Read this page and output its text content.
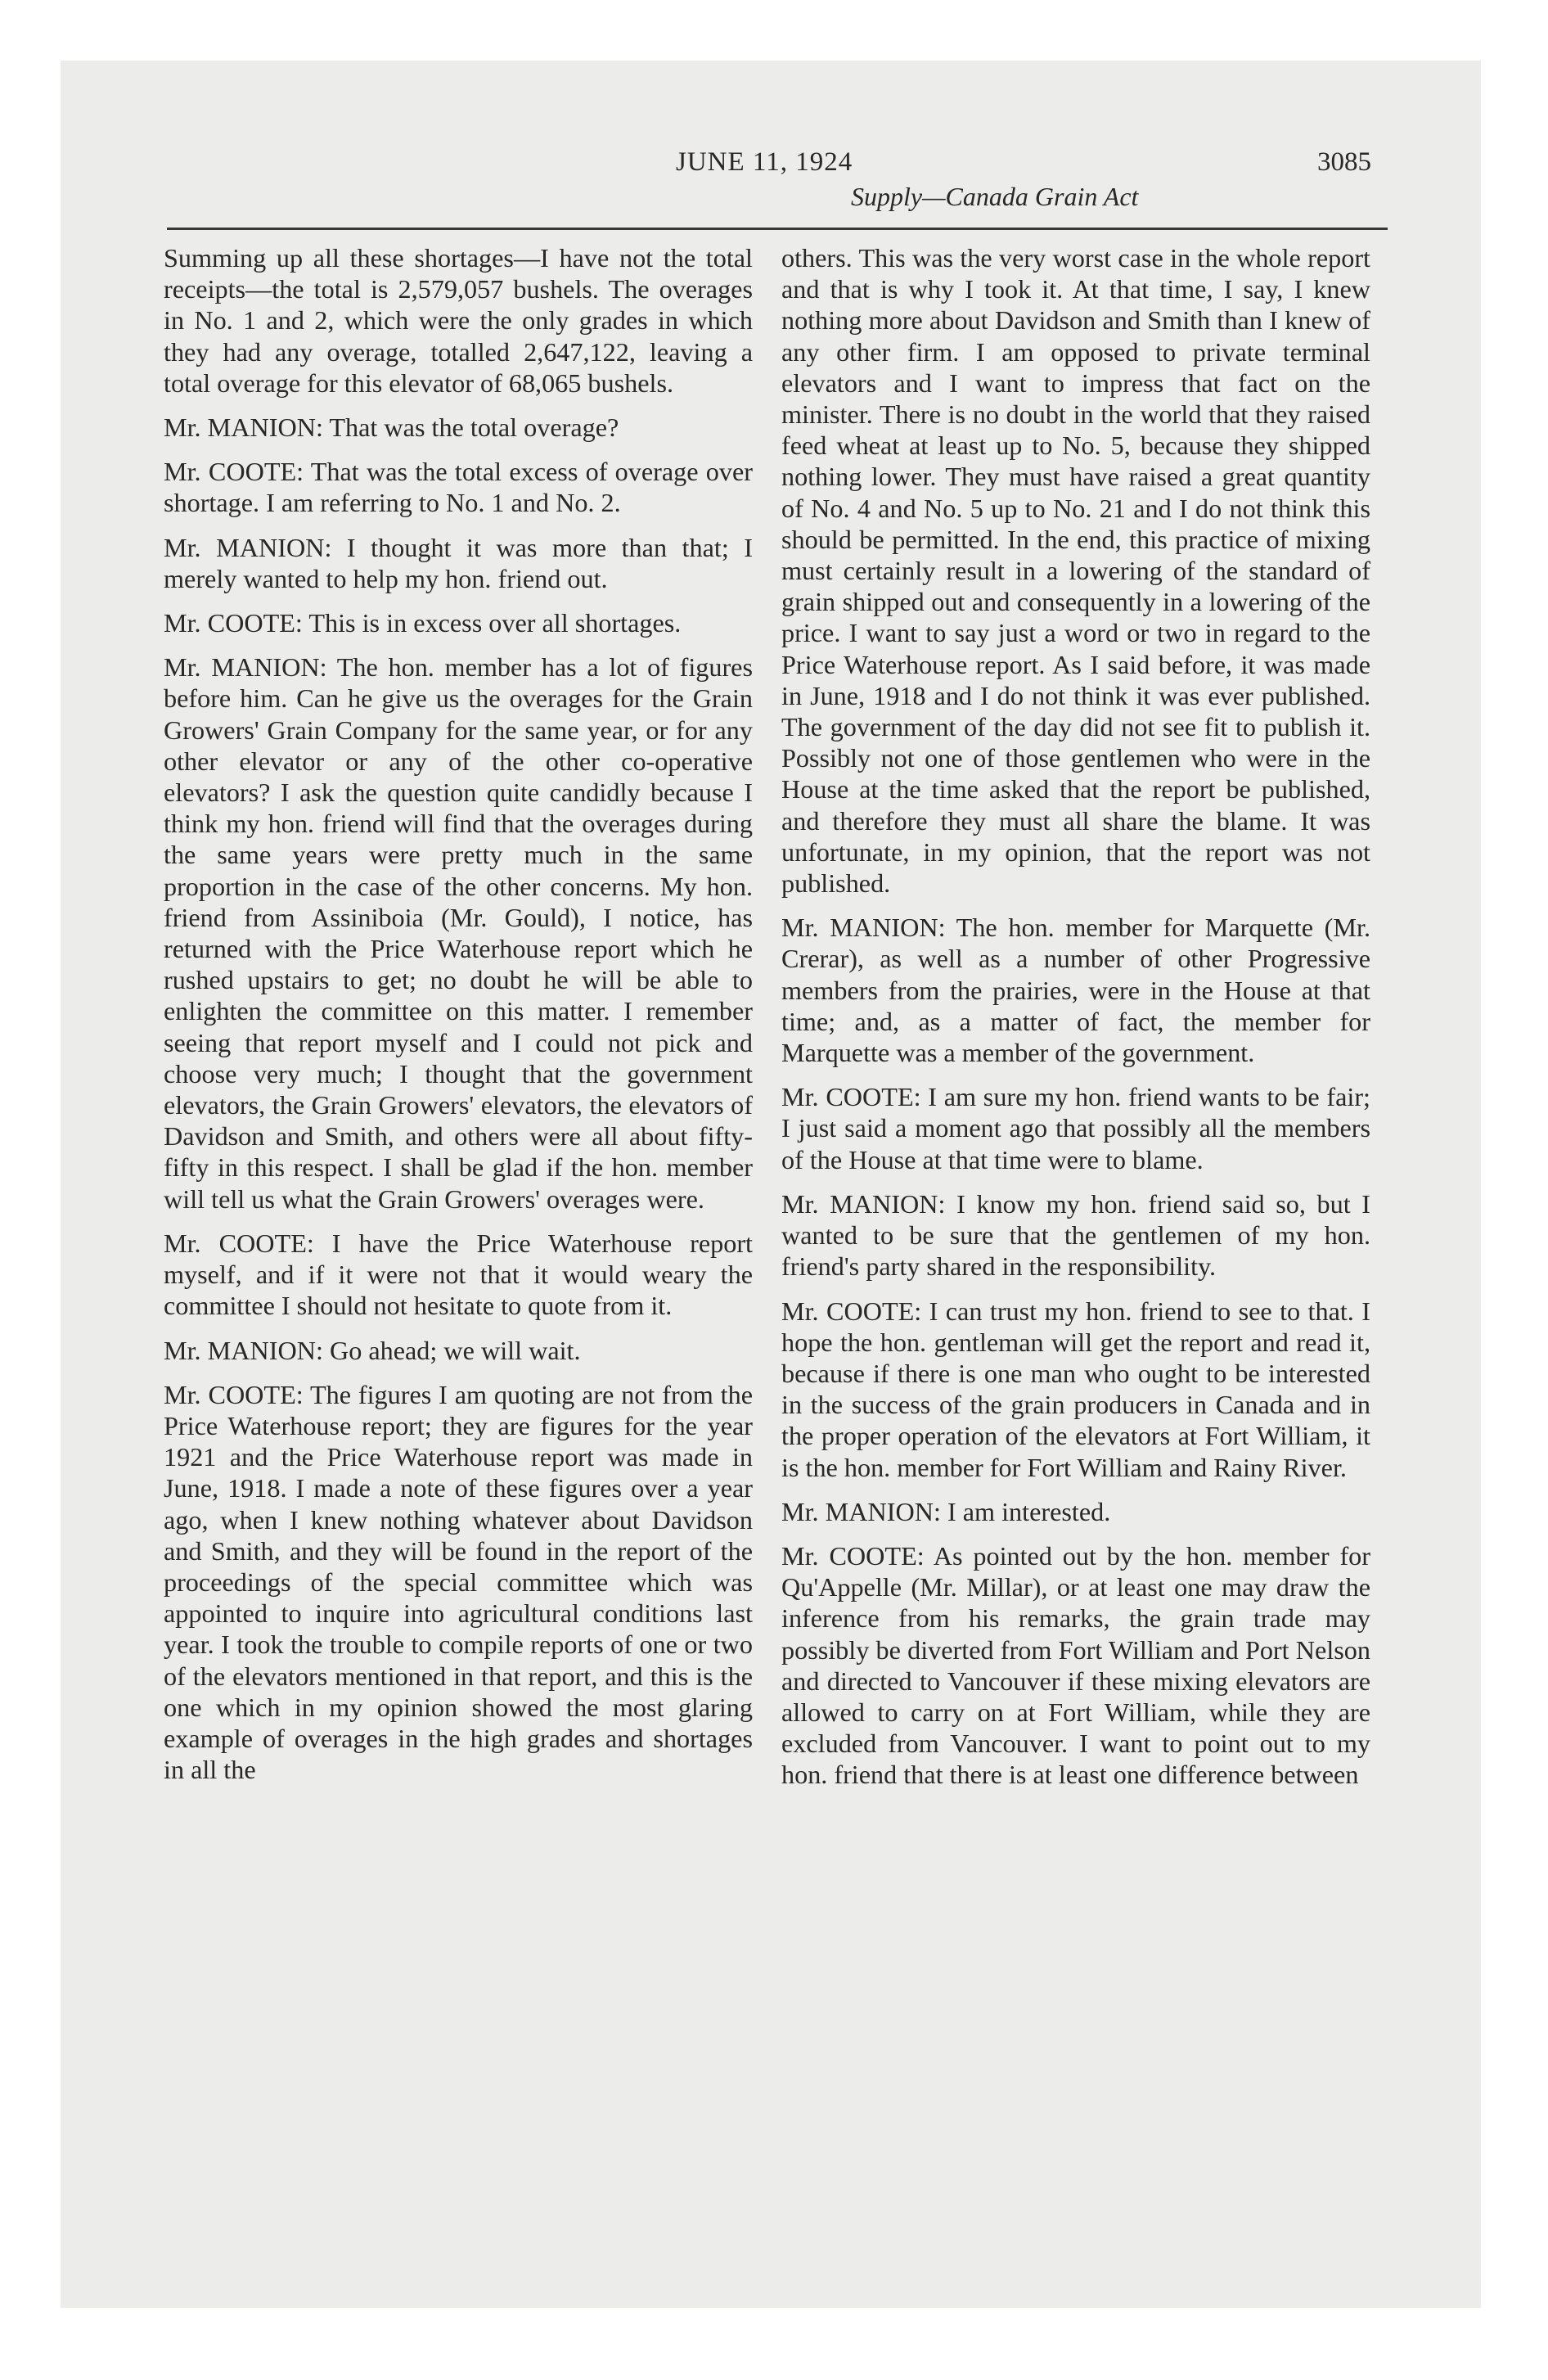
JUNE 11, 1924	3085
Supply—Canada Grain Act

Summing up all these shortages—I have not the total receipts—the total is 2,579,057 bushels. The overages in No. 1 and 2, which were the only grades in which they had any overage, totalled 2,647,122, leaving a total overage for this elevator of 68,065 bushels.

Mr. MANION: That was the total overage?

Mr. COOTE: That was the total excess of overage over shortage. I am referring to No. 1 and No. 2.

Mr. MANION: I thought it was more than that; I merely wanted to help my hon. friend out.

Mr. COOTE: This is in excess over all shortages.

Mr. MANION: The hon. member has a lot of figures before him. Can he give us the overages for the Grain Growers' Grain Company for the same year, or for any other elevator or any of the other co-operative elevators? I ask the question quite candidly because I think my hon. friend will find that the overages during the same years were pretty much in the same proportion in the case of the other concerns. My hon. friend from Assiniboia (Mr. Gould), I notice, has returned with the Price Waterhouse report which he rushed upstairs to get; no doubt he will be able to enlighten the committee on this matter. I remember seeing that report myself and I could not pick and choose very much; I thought that the government elevators, the Grain Growers' elevators, the elevators of Davidson and Smith, and others were all about fifty-fifty in this respect. I shall be glad if the hon. member will tell us what the Grain Growers' overages were.

Mr. COOTE: I have the Price Waterhouse report myself, and if it were not that it would weary the committee I should not hesitate to quote from it.

Mr. MANION: Go ahead; we will wait.

Mr. COOTE: The figures I am quoting are not from the Price Waterhouse report; they are figures for the year 1921 and the Price Waterhouse report was made in June, 1918. I made a note of these figures over a year ago, when I knew nothing whatever about Davidson and Smith, and they will be found in the report of the proceedings of the special committee which was appointed to inquire into agricultural conditions last year. I took the trouble to compile reports of one or two of the elevators mentioned in that report, and this is the one which in my opinion showed the most glaring example of overages in the high grades and shortages in all the

others. This was the very worst case in the whole report and that is why I took it. At that time, I say, I knew nothing more about Davidson and Smith than I knew of any other firm. I am opposed to private terminal elevators and I want to impress that fact on the minister. There is no doubt in the world that they raised feed wheat at least up to No. 5, because they shipped nothing lower. They must have raised a great quantity of No. 4 and No. 5 up to No. 21 and I do not think this should be permitted. In the end, this practice of mixing must certainly result in a lowering of the standard of grain shipped out and consequently in a lowering of the price. I want to say just a word or two in regard to the Price Waterhouse report. As I said before, it was made in June, 1918 and I do not think it was ever published. The government of the day did not see fit to publish it. Possibly not one of those gentlemen who were in the House at the time asked that the report be published, and therefore they must all share the blame. It was unfortunate, in my opinion, that the report was not published.

Mr. MANION: The hon. member for Marquette (Mr. Crerar), as well as a number of other Progressive members from the prairies, were in the House at that time; and, as a matter of fact, the member for Marquette was a member of the government.

Mr. COOTE: I am sure my hon. friend wants to be fair; I just said a moment ago that possibly all the members of the House at that time were to blame.

Mr. MANION: I know my hon. friend said so, but I wanted to be sure that the gentlemen of my hon. friend's party shared in the responsibility.

Mr. COOTE: I can trust my hon. friend to see to that. I hope the hon. gentleman will get the report and read it, because if there is one man who ought to be interested in the success of the grain producers in Canada and in the proper operation of the elevators at Fort William, it is the hon. member for Fort William and Rainy River.

Mr. MANION: I am interested.

Mr. COOTE: As pointed out by the hon. member for Qu'Appelle (Mr. Millar), or at least one may draw the inference from his remarks, the grain trade may possibly be diverted from Fort William and Port Nelson and directed to Vancouver if these mixing elevators are allowed to carry on at Fort William, while they are excluded from Vancouver. I want to point out to my hon. friend that there is at least one difference between
